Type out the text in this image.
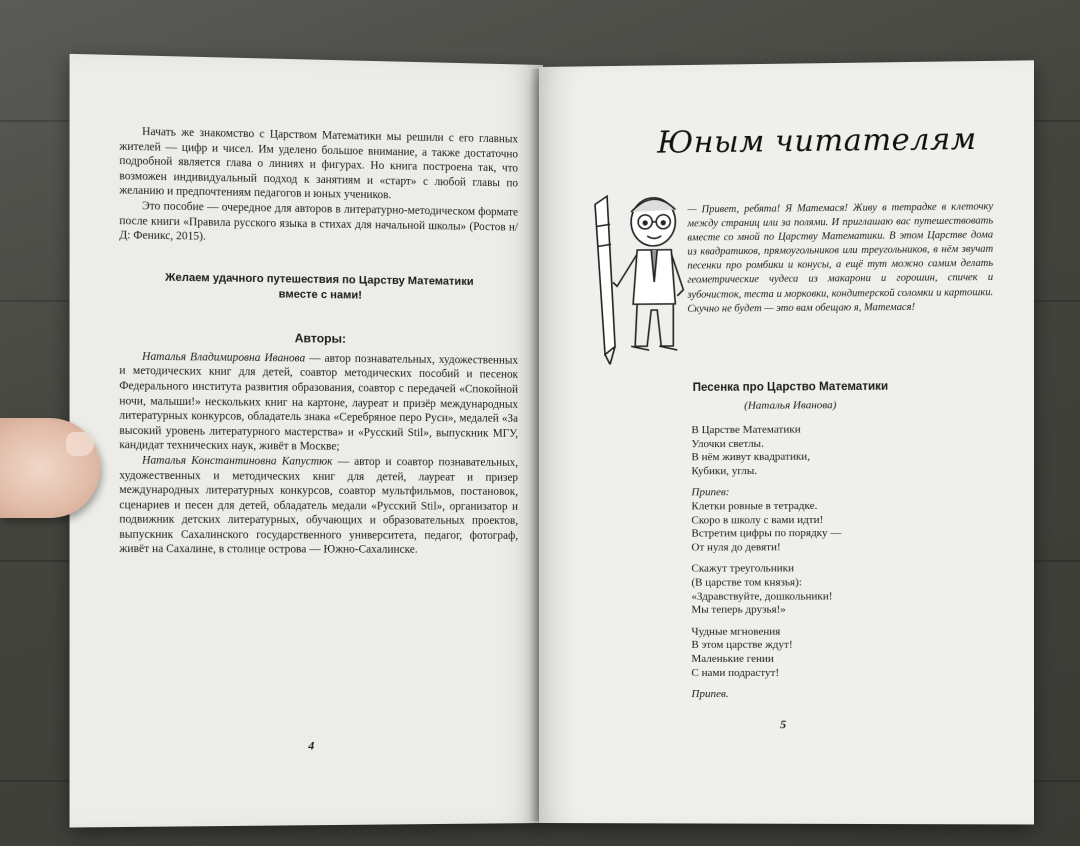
Начать же знакомство с Царством Математики мы решили с его главных жителей — цифр и чисел. Им уделено большое внимание, а также достаточно подробной является глава о линиях и фигурах. Но книга построена так, что возможен индивидуальный подход к занятиям и «старт» с любой главы по желанию и предпочтениям педагогов и юных учеников.

Это пособие — очередное для авторов в литературно-методическом формате после книги «Правила русского языка в стихах для начальной школы» (Ростов н/Д: Феникс, 2015).

Желаем удачного путешествия по Царству Математики
вместе с нами!
Авторы:

Наталья Владимировна Иванова — автор познавательных, художественных и методических книг для детей, соавтор методических пособий и песенок Федерального института развития образования, соавтор с передачей «Спокойной ночи, малыши!» нескольких книг на картоне, лауреат и призёр международных литературных конкурсов, обладатель знака «Серебряное перо Руси», медалей «За высокий уровень литературного мастерства» и «Русский Stil», выпускник МГУ, кандидат технических наук, живёт в Москве;

Наталья Константиновна Капустюк — автор и соавтор познавательных, художественных и методических книг для детей, лауреат и призер международных литературных конкурсов, соавтор мультфильмов, постановок, сценариев и песен для детей, обладатель медали «Русский Stil», организатор и подвижник детских литературных, обучающих и образовательных проектов, выпускник Сахалинского государственного университета, педагог, фотограф, живёт на Сахалине, в столице острова — Южно-Сахалинске.

4
Юным читателям
— Привет, ребята! Я Матемася! Живу в тетрадке в клеточку между страниц или за полями. И приглашаю вас путешествовать вместе со мной по Царству Математики. В этом Царстве дома из квадратиков, прямоугольников или треугольников, в нём звучат песенки про ромбики и конусы, а ещё тут можно самим делать геометрические чудеса из макарони и горошин, спичек и зубочисток, теста и морковки, кондитерской соломки и картошки. Скучно не будет — это вам обещаю я, Матемася!
Песенка про Царство Математики
(Наталья Иванова)
В Царстве Математики
Улочки светлы.
В нём живут квадратики,
Кубики, углы.
Припев:
Клетки ровные в тетрадке.
Скоро в школу с вами идти!
Встретим цифры по порядку —
От нуля до девяти!
Скажут треугольники
(В царстве том князья):
«Здравствуйте, дошкольники!
Мы теперь друзья!»
Чудные мгновения
В этом царстве ждут!
Маленькие гении
С нами подрастут!
Припев.
5
